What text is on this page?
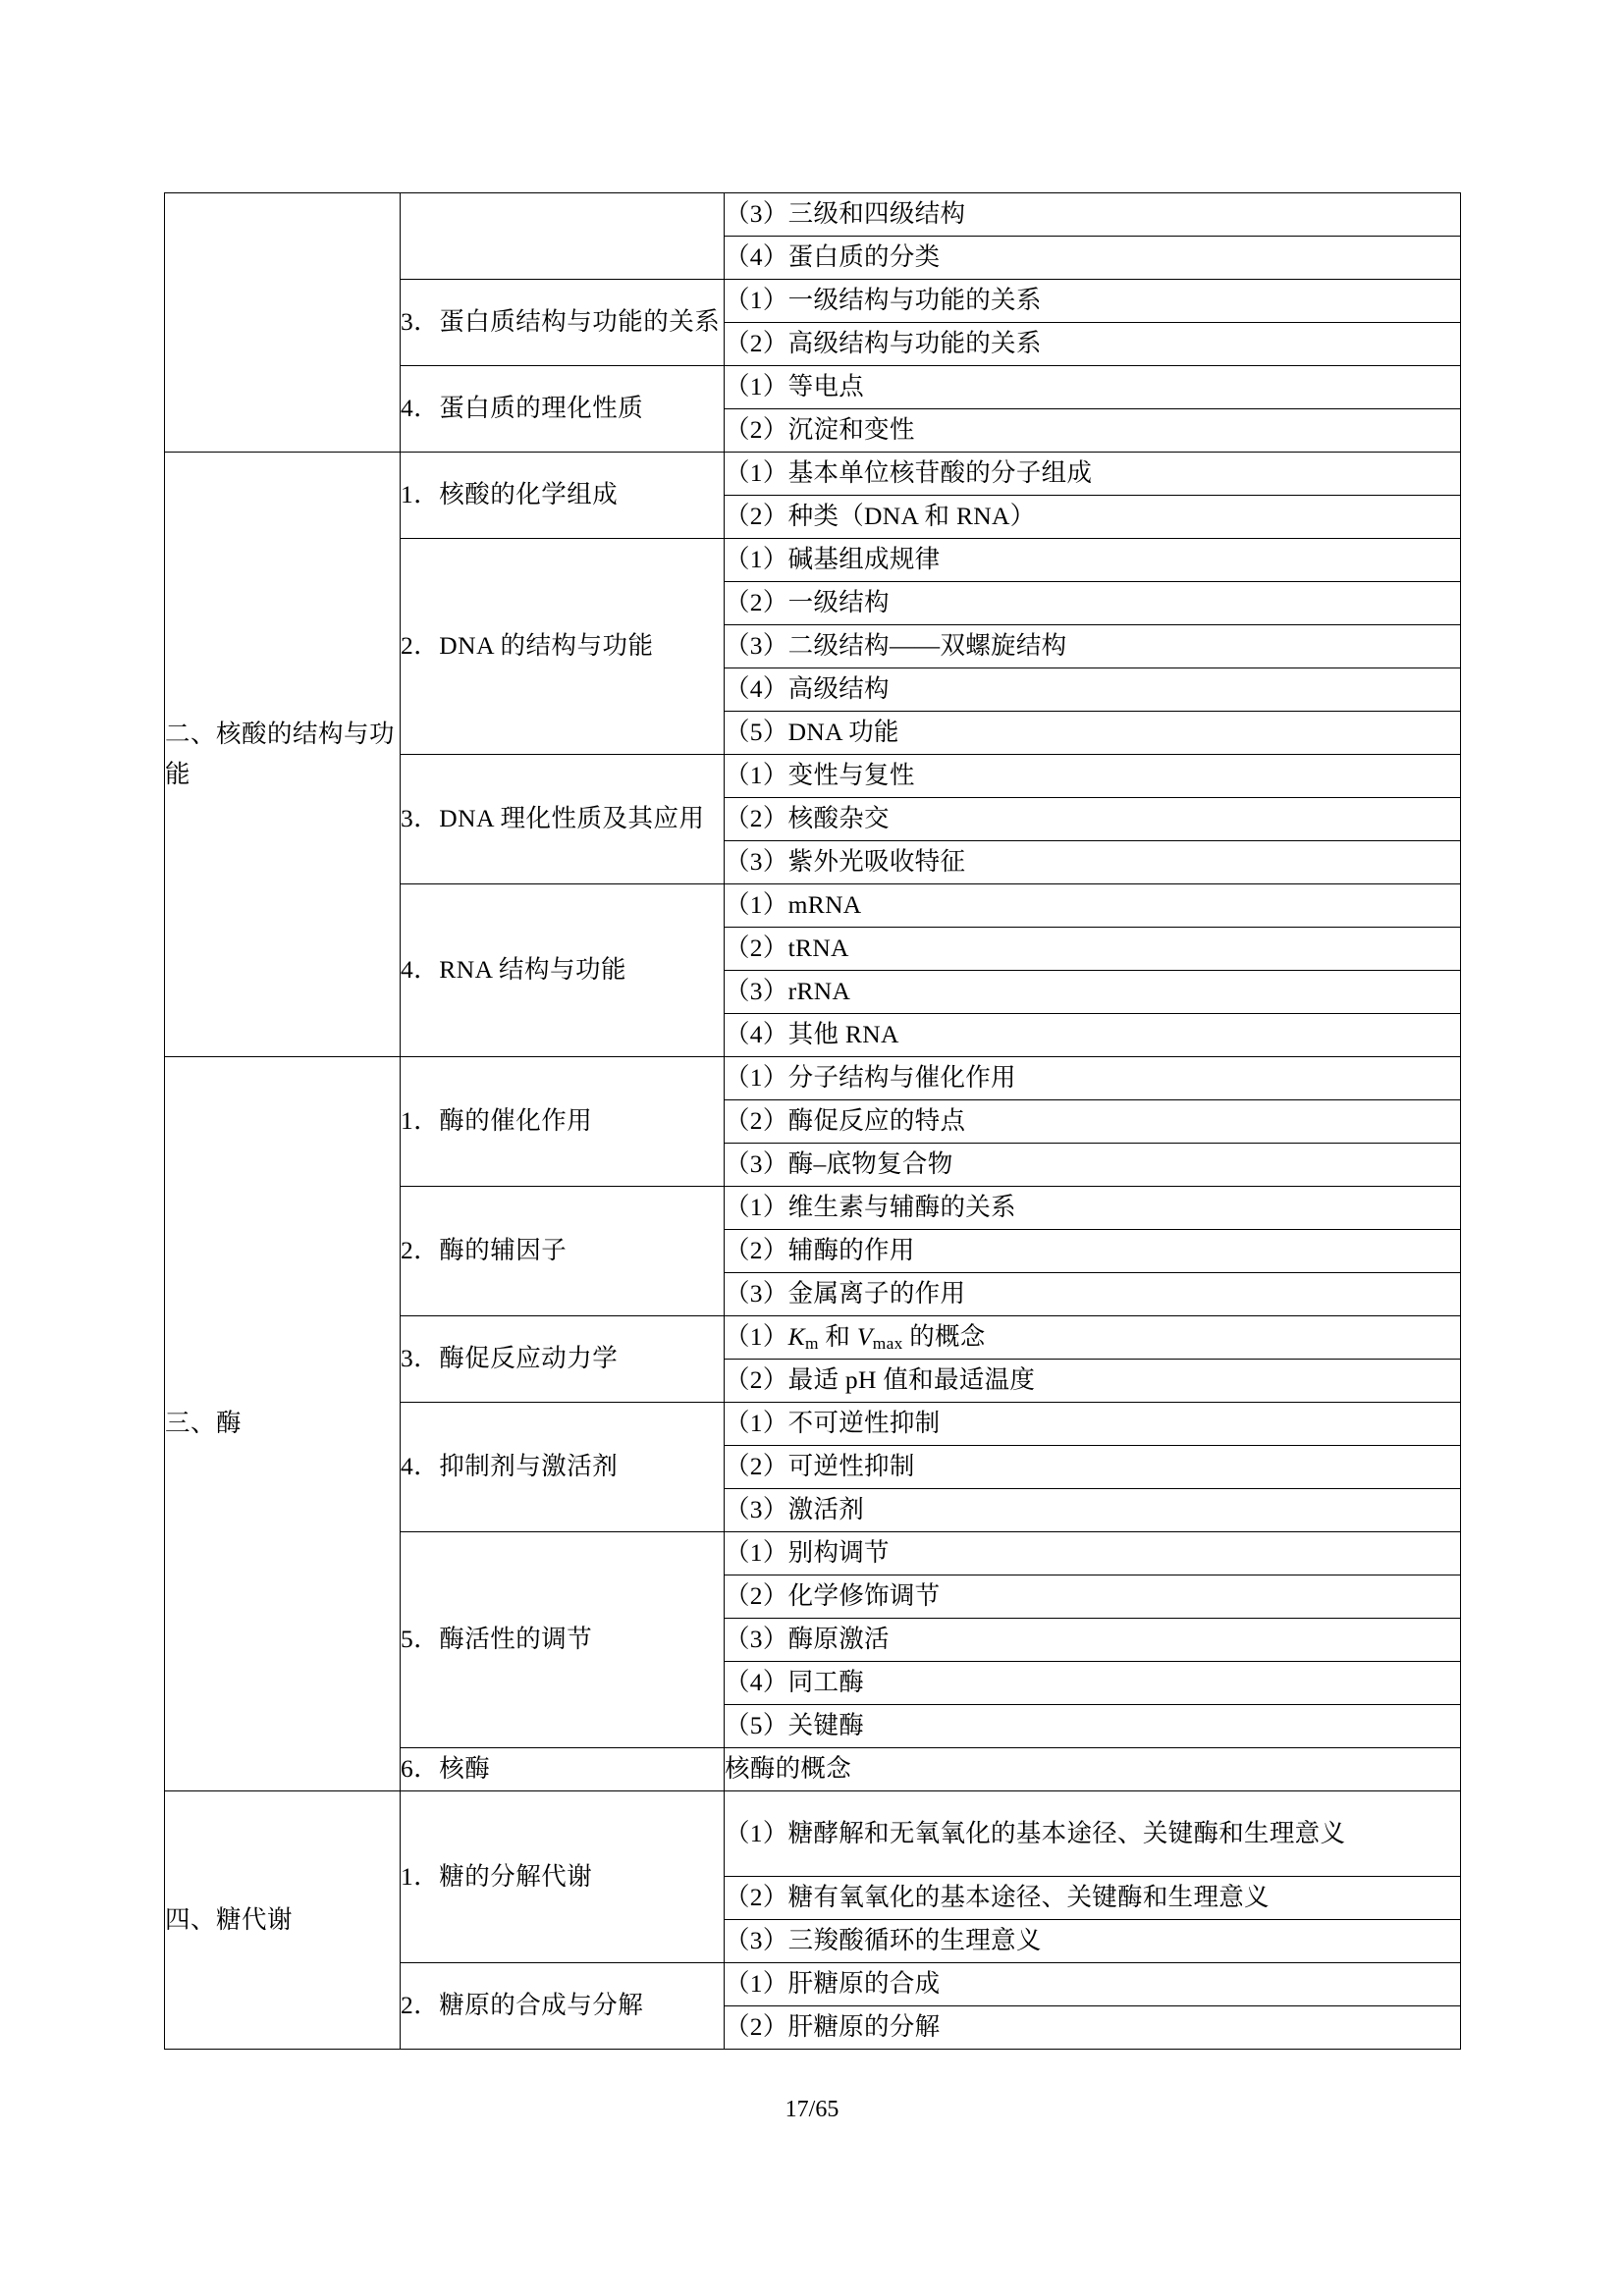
		（3）三级和四级结构
		（4）蛋白质的分类
	3．蛋白质结构与功能的关系	（1）一级结构与功能的关系
		（2）高级结构与功能的关系
	4．蛋白质的理化性质	（1）等电点
		（2）沉淀和变性
二、核酸的结构与功能	1．核酸的化学组成	（1）基本单位核苷酸的分子组成
		（2）种类（DNA 和 RNA）
	2．DNA 的结构与功能	（1）碱基组成规律
		（2）一级结构
		（3）二级结构——双螺旋结构
		（4）高级结构
		（5）DNA 功能
	3．DNA 理化性质及其应用	（1）变性与复性
		（2）核酸杂交
		（3）紫外光吸收特征
	4．RNA 结构与功能	（1）mRNA
		（2）tRNA
		（3）rRNA
		（4）其他 RNA
三、酶	1．酶的催化作用	（1）分子结构与催化作用
		（2）酶促反应的特点
		（3）酶–底物复合物
	2．酶的辅因子	（1）维生素与辅酶的关系
		（2）辅酶的作用
		（3）金属离子的作用
	3．酶促反应动力学	$(1)K_m$ 和 $V_{max}$ 的概念
		（2）最适 pH 值和最适温度
	4．抑制剂与激活剂	（1）不可逆性抑制
		（2）可逆性抑制
		（3）激活剂
	5．酶活性的调节	（1）别构调节
		（2）化学修饰调节
		（3）酶原激活
		（4）同工酶
		（5）关键酶
	6．核酶	核酶的概念
四、糖代谢	1．糖的分解代谢	（1）糖酵解和无氧氧化的基本途径、关键酶和生理意义
		（2）糖有氧氧化的基本途径、关键酶和生理意义
		（3）三羧酸循环的生理意义
	2．糖原的合成与分解	（1）肝糖原的合成
		（2）肝糖原的分解
17/65
